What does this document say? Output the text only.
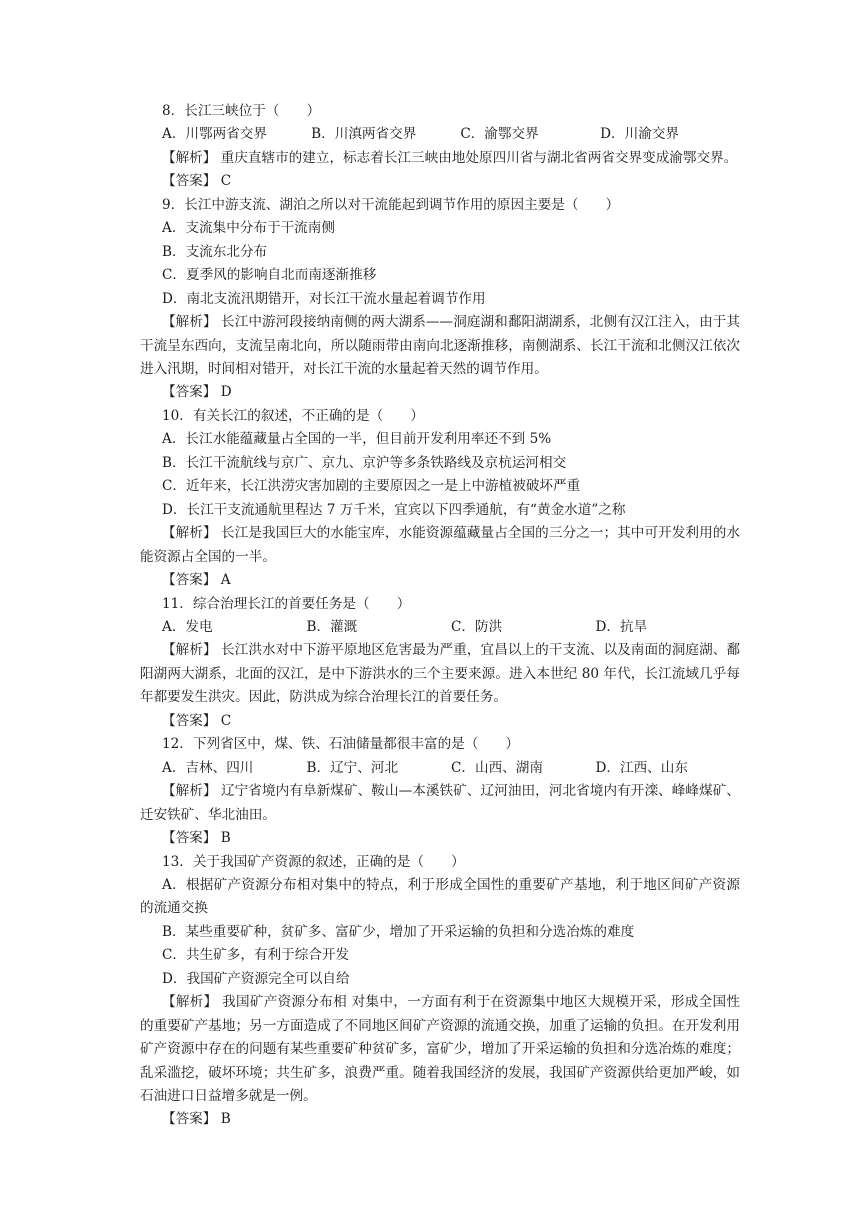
8．长江三峡位于（　　）
A．川鄂两省交界	B．川滇两省交界	C．渝鄂交界	D．川渝交界
【解析】 重庆直辖市的建立，标志着长江三峡由地处原四川省与湖北省两省交界变成渝鄂交界。
【答案】 C
9．长江中游支流、湖泊之所以对干流能起到调节作用的原因主要是（　　）
A．支流集中分布于干流南侧
B．支流东北分布
C．夏季风的影响自北而南逐渐推移
D．南北支流汛期错开，对长江干流水量起着调节作用
【解析】 长江中游河段接纳南侧的两大湖系——洞庭湖和鄱阳湖湖系，北侧有汉江注入，由于其干流呈东西向，支流呈南北向，所以随雨带由南向北逐渐推移，南侧湖系、长江干流和北侧汉江依次进入汛期，时间相对错开，对长江干流的水量起着天然的调节作用。
【答案】 D
10．有关长江的叙述，不正确的是（　　）
A．长江水能蕴藏量占全国的一半，但目前开发利用率还不到 5%
B．长江干流航线与京广、京九、京沪等多条铁路线及京杭运河相交
C．近年来，长江洪涝灾害加剧的主要原因之一是上中游植被破坏严重
D．长江干支流通航里程达 7 万千米，宜宾以下四季通航，有“黄金水道”之称
【解析】 长江是我国巨大的水能宝库，水能资源蕴藏量占全国的三分之一；其中可开发利用的水能资源占全国的一半。
【答案】 A
11．综合治理长江的首要任务是（　　）
A．发电	B．灌溉	C．防洪	D．抗旱
【解析】 长江洪水对中下游平原地区危害最为严重，宜昌以上的干支流、以及南面的洞庭湖、鄱阳湖两大湖系，北面的汉江，是中下游洪水的三个主要来源。进入本世纪 80 年代，长江流域几乎每年都要发生洪灾。因此，防洪成为综合治理长江的首要任务。
【答案】 C
12．下列省区中，煤、铁、石油储量都很丰富的是（　　）
A．吉林、四川	B．辽宁、河北	C．山西、湖南	D．江西、山东
【解析】 辽宁省境内有阜新煤矿、鞍山—本溪铁矿、辽河油田，河北省境内有开滦、峰峰煤矿、迁安铁矿、华北油田。
【答案】 B
13．关于我国矿产资源的叙述，正确的是（　　）
A．根据矿产资源分布相对集中的特点，利于形成全国性的重要矿产基地，利于地区间矿产资源的流通交换
B．某些重要矿种，贫矿多、富矿少，增加了开采运输的负担和分选冶炼的难度
C．共生矿多，有利于综合开发
D．我国矿产资源完全可以自给
【解析】 我国矿产资源分布相 对集中，一方面有利于在资源集中地区大规模开采，形成全国性的重要矿产基地；另一方面造成了不同地区间矿产资源的流通交换，加重了运输的负担。在开发利用矿产资源中存在的问题有某些重要矿种贫矿多，富矿少，增加了开采运输的负担和分选冶炼的难度；乱采滥挖，破坏环境；共生矿多，浪费严重。随着我国经济的发展，我国矿产资源供给更加严峻，如石油进口日益增多就是一例。
【答案】 B
